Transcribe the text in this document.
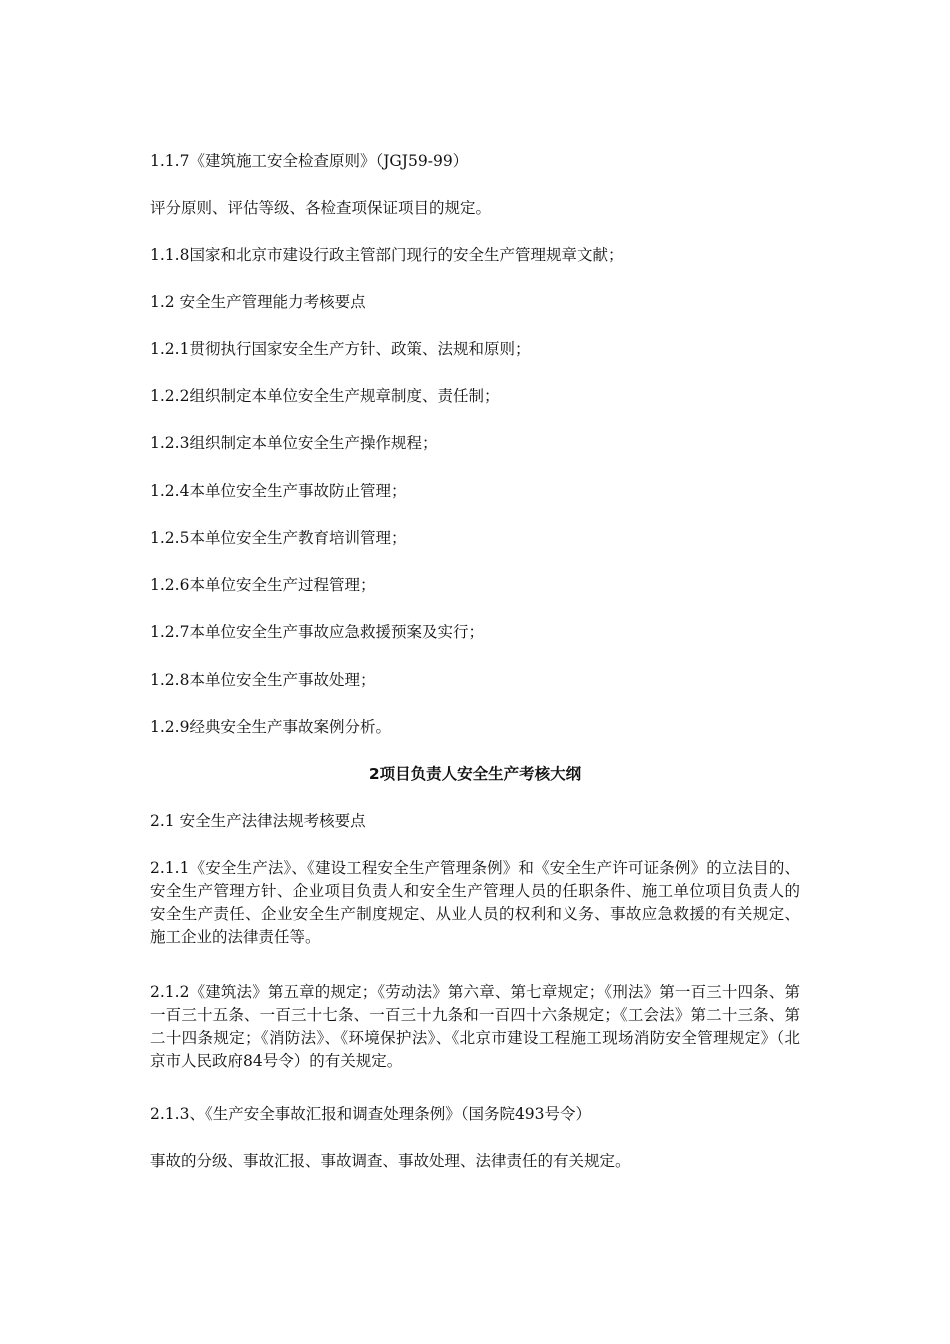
1.1.7《建筑施工安全检查原则》（JGJ59-99）

评分原则、评估等级、各检查项保证项目的规定。

1.1.8国家和北京市建设行政主管部门现行的安全生产管理规章文献；

1.2 安全生产管理能力考核要点

1.2.1贯彻执行国家安全生产方针、政策、法规和原则；

1.2.2组织制定本单位安全生产规章制度、责任制；

1.2.3组织制定本单位安全生产操作规程；

1.2.4本单位安全生产事故防止管理；

1.2.5本单位安全生产教育培训管理；

1.2.6本单位安全生产过程管理；

1.2.7本单位安全生产事故应急救援预案及实行；

1.2.8本单位安全生产事故处理；

1.2.9经典安全生产事故案例分析。

2项目负责人安全生产考核大纲

2.1 安全生产法律法规考核要点

2.1.1《安全生产法》、《建设工程安全生产管理条例》和《安全生产许可证条例》的立法目的、安全生产管理方针、企业项目负责人和安全生产管理人员的任职条件、施工单位项目负责人的安全生产责任、企业安全生产制度规定、从业人员的权利和义务、事故应急救援的有关规定、施工企业的法律责任等。

2.1.2《建筑法》第五章的规定；《劳动法》第六章、第七章规定；《刑法》第一百三十四条、第一百三十五条、一百三十七条、一百三十九条和一百四十六条规定；《工会法》第二十三条、第二十四条规定；《消防法》、《环境保护法》、《北京市建设工程施工现场消防安全管理规定》（北京市人民政府84号令）的有关规定。

2.1.3、《生产安全事故汇报和调查处理条例》（国务院493号令）

事故的分级、事故汇报、事故调查、事故处理、法律责任的有关规定。
